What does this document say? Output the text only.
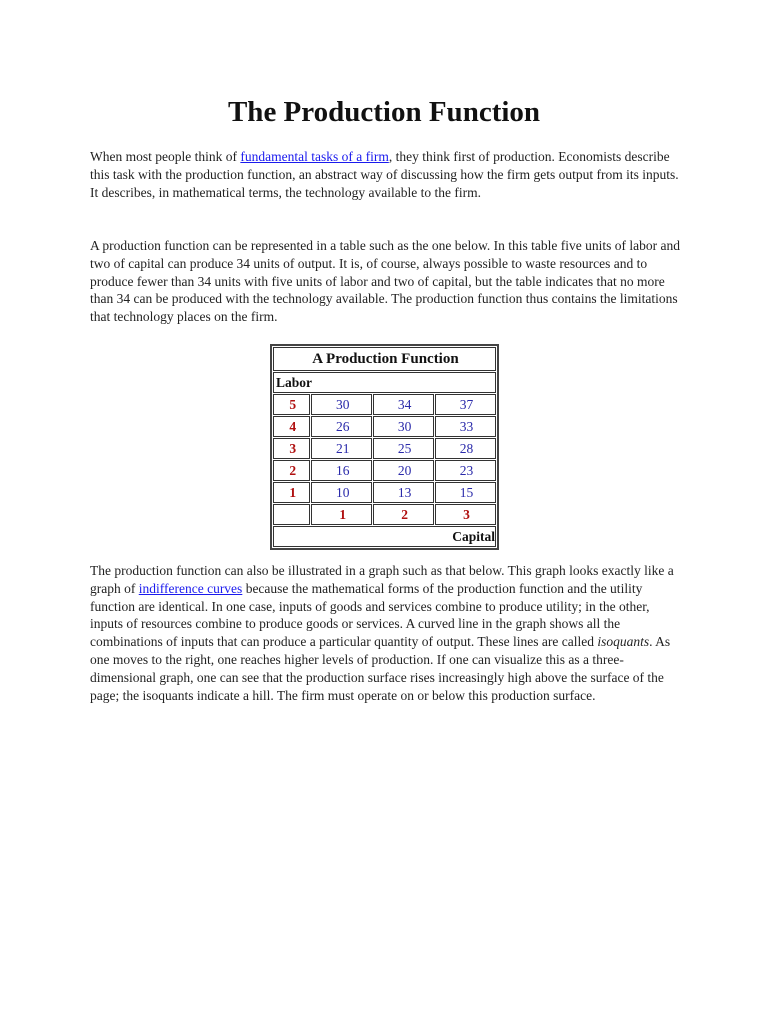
The Production Function

When most people think of fundamental tasks of a firm, they think first of production. Economists describe this task with the production function, an abstract way of discussing how the firm gets output from its inputs. It describes, in mathematical terms, the technology available to the firm.

A production function can be represented in a table such as the one below. In this table five units of labor and two of capital can produce 34 units of output. It is, of course, always possible to waste resources and to produce fewer than 34 units with five units of labor and two of capital, but the table indicates that no more than 34 can be produced with the technology available. The production function thus contains the limitations that technology places on the firm.

A Production Function			
Labor			
5	30	34	37
4	26	30	33
3	21	25	28
2	16	20	23
1	10	13	15
	1	2	3
Capital			

The production function can also be illustrated in a graph such as that below. This graph looks exactly like a graph of indifference curves because the mathematical forms of the production function and the utility function are identical. In one case, inputs of goods and services combine to produce utility; in the other, inputs of resources combine to produce goods or services. A curved line in the graph shows all the combinations of inputs that can produce a particular quantity of output. These lines are called isoquants. As one moves to the right, one reaches higher levels of production. If one can visualize this as a three-dimensional graph, one can see that the production surface rises increasingly high above the surface of the page; the isoquants indicate a hill. The firm must operate on or below this production surface.
